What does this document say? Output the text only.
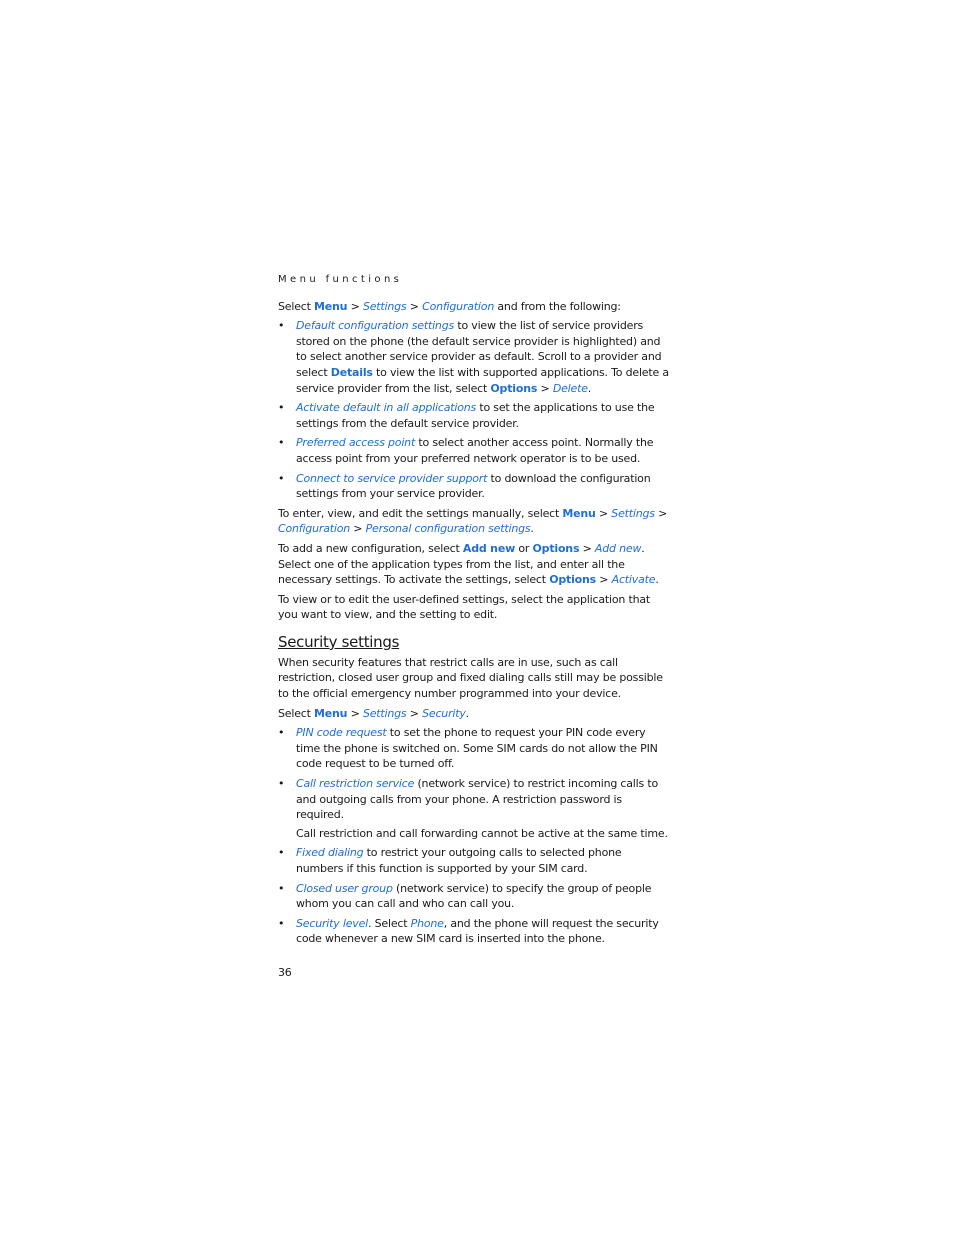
Menu functions

Select Menu > Settings > Configuration and from the following:

• Default configuration settings to view the list of service providers stored on the phone (the default service provider is highlighted) and to select another service provider as default. Scroll to a provider and select Details to view the list with supported applications. To delete a service provider from the list, select Options > Delete.
• Activate default in all applications to set the applications to use the settings from the default service provider.
• Preferred access point to select another access point. Normally the access point from your preferred network operator is to be used.
• Connect to service provider support to download the configuration settings from your service provider.

To enter, view, and edit the settings manually, select Menu > Settings > Configuration > Personal configuration settings.

To add a new configuration, select Add new or Options > Add new. Select one of the application types from the list, and enter all the necessary settings. To activate the settings, select Options > Activate.

To view or to edit the user-defined settings, select the application that you want to view, and the setting to edit.

Security settings

When security features that restrict calls are in use, such as call restriction, closed user group and fixed dialing calls still may be possible to the official emergency number programmed into your device.

Select Menu > Settings > Security.

• PIN code request to set the phone to request your PIN code every time the phone is switched on. Some SIM cards do not allow the PIN code request to be turned off.
• Call restriction service (network service) to restrict incoming calls to and outgoing calls from your phone. A restriction password is required.

Call restriction and call forwarding cannot be active at the same time.

• Fixed dialing to restrict your outgoing calls to selected phone numbers if this function is supported by your SIM card.
• Closed user group (network service) to specify the group of people whom you can call and who can call you.
• Security level. Select Phone, and the phone will request the security code whenever a new SIM card is inserted into the phone.
36
